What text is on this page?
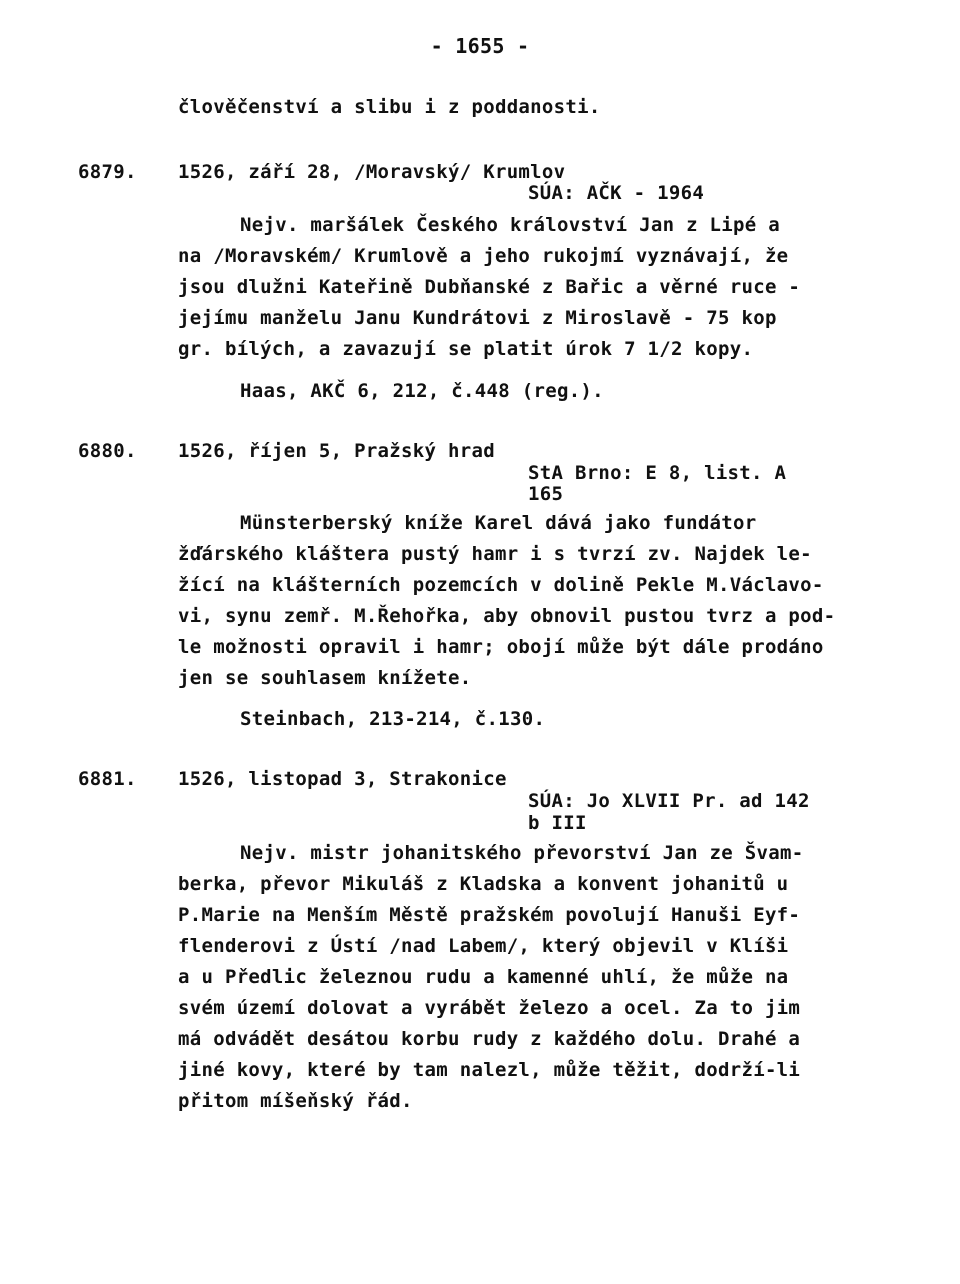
- 1655 -
člověčenství a slibu i z poddanosti.
6879. 1526, září 28, /Moravský/ Krumlov
SÚA: AČK - 1964
Nejv. maršálek Českého království Jan z Lipé a
na /Moravském/ Krumlově a jeho rukojmí vyznávají, že
jsou dlužni Kateřině Dubňanské z Bařic a věrné ruce -
jejímu manželu Janu Kundrátovi z Miroslavě - 75 kop
gr. bílých, a zavazují se platit úrok 7 1/2 kopy.
Haas, AKČ 6, 212, č.448 (reg.).
6880. 1526, říjen 5, Pražský hrad
StA Brno: E 8, list. A
165
Münsterberský kníže Karel dává jako fundátor
žďárského kláštera pustý hamr i s tvrzí zv. Najdek le-
žící na klášterních pozemcích v dolině Pekle M.Václavo-
vi, synu zemř. M.Řehořka, aby obnovil pustou tvrz a pod-
le možnosti opravil i hamr; obojí může být dále prodáno
jen se souhlasem knížete.
Steinbach, 213-214, č.130.
6881. 1526, listopad 3, Strakonice
SÚA: Jo XLVII Pr. ad 142
b III
Nejv. mistr johanitského převorství Jan ze Švam-
berka, převor Mikuláš z Kladska a konvent johanitů u
P.Marie na Menším Městě pražském povolují Hanuši Eyf-
flenderovi z Ústí /nad Labem/, který objevil v Klíši
a u Předlic železnou rudu a kamenné uhlí, že může na
svém území dolovat a vyrábět železo a ocel. Za to jim
má odvádět desátou korbu rudy z každého dolu. Drahé a
jiné kovy, které by tam nalezl, může těžit, dodrží-li
přitom míšeňský řád.
